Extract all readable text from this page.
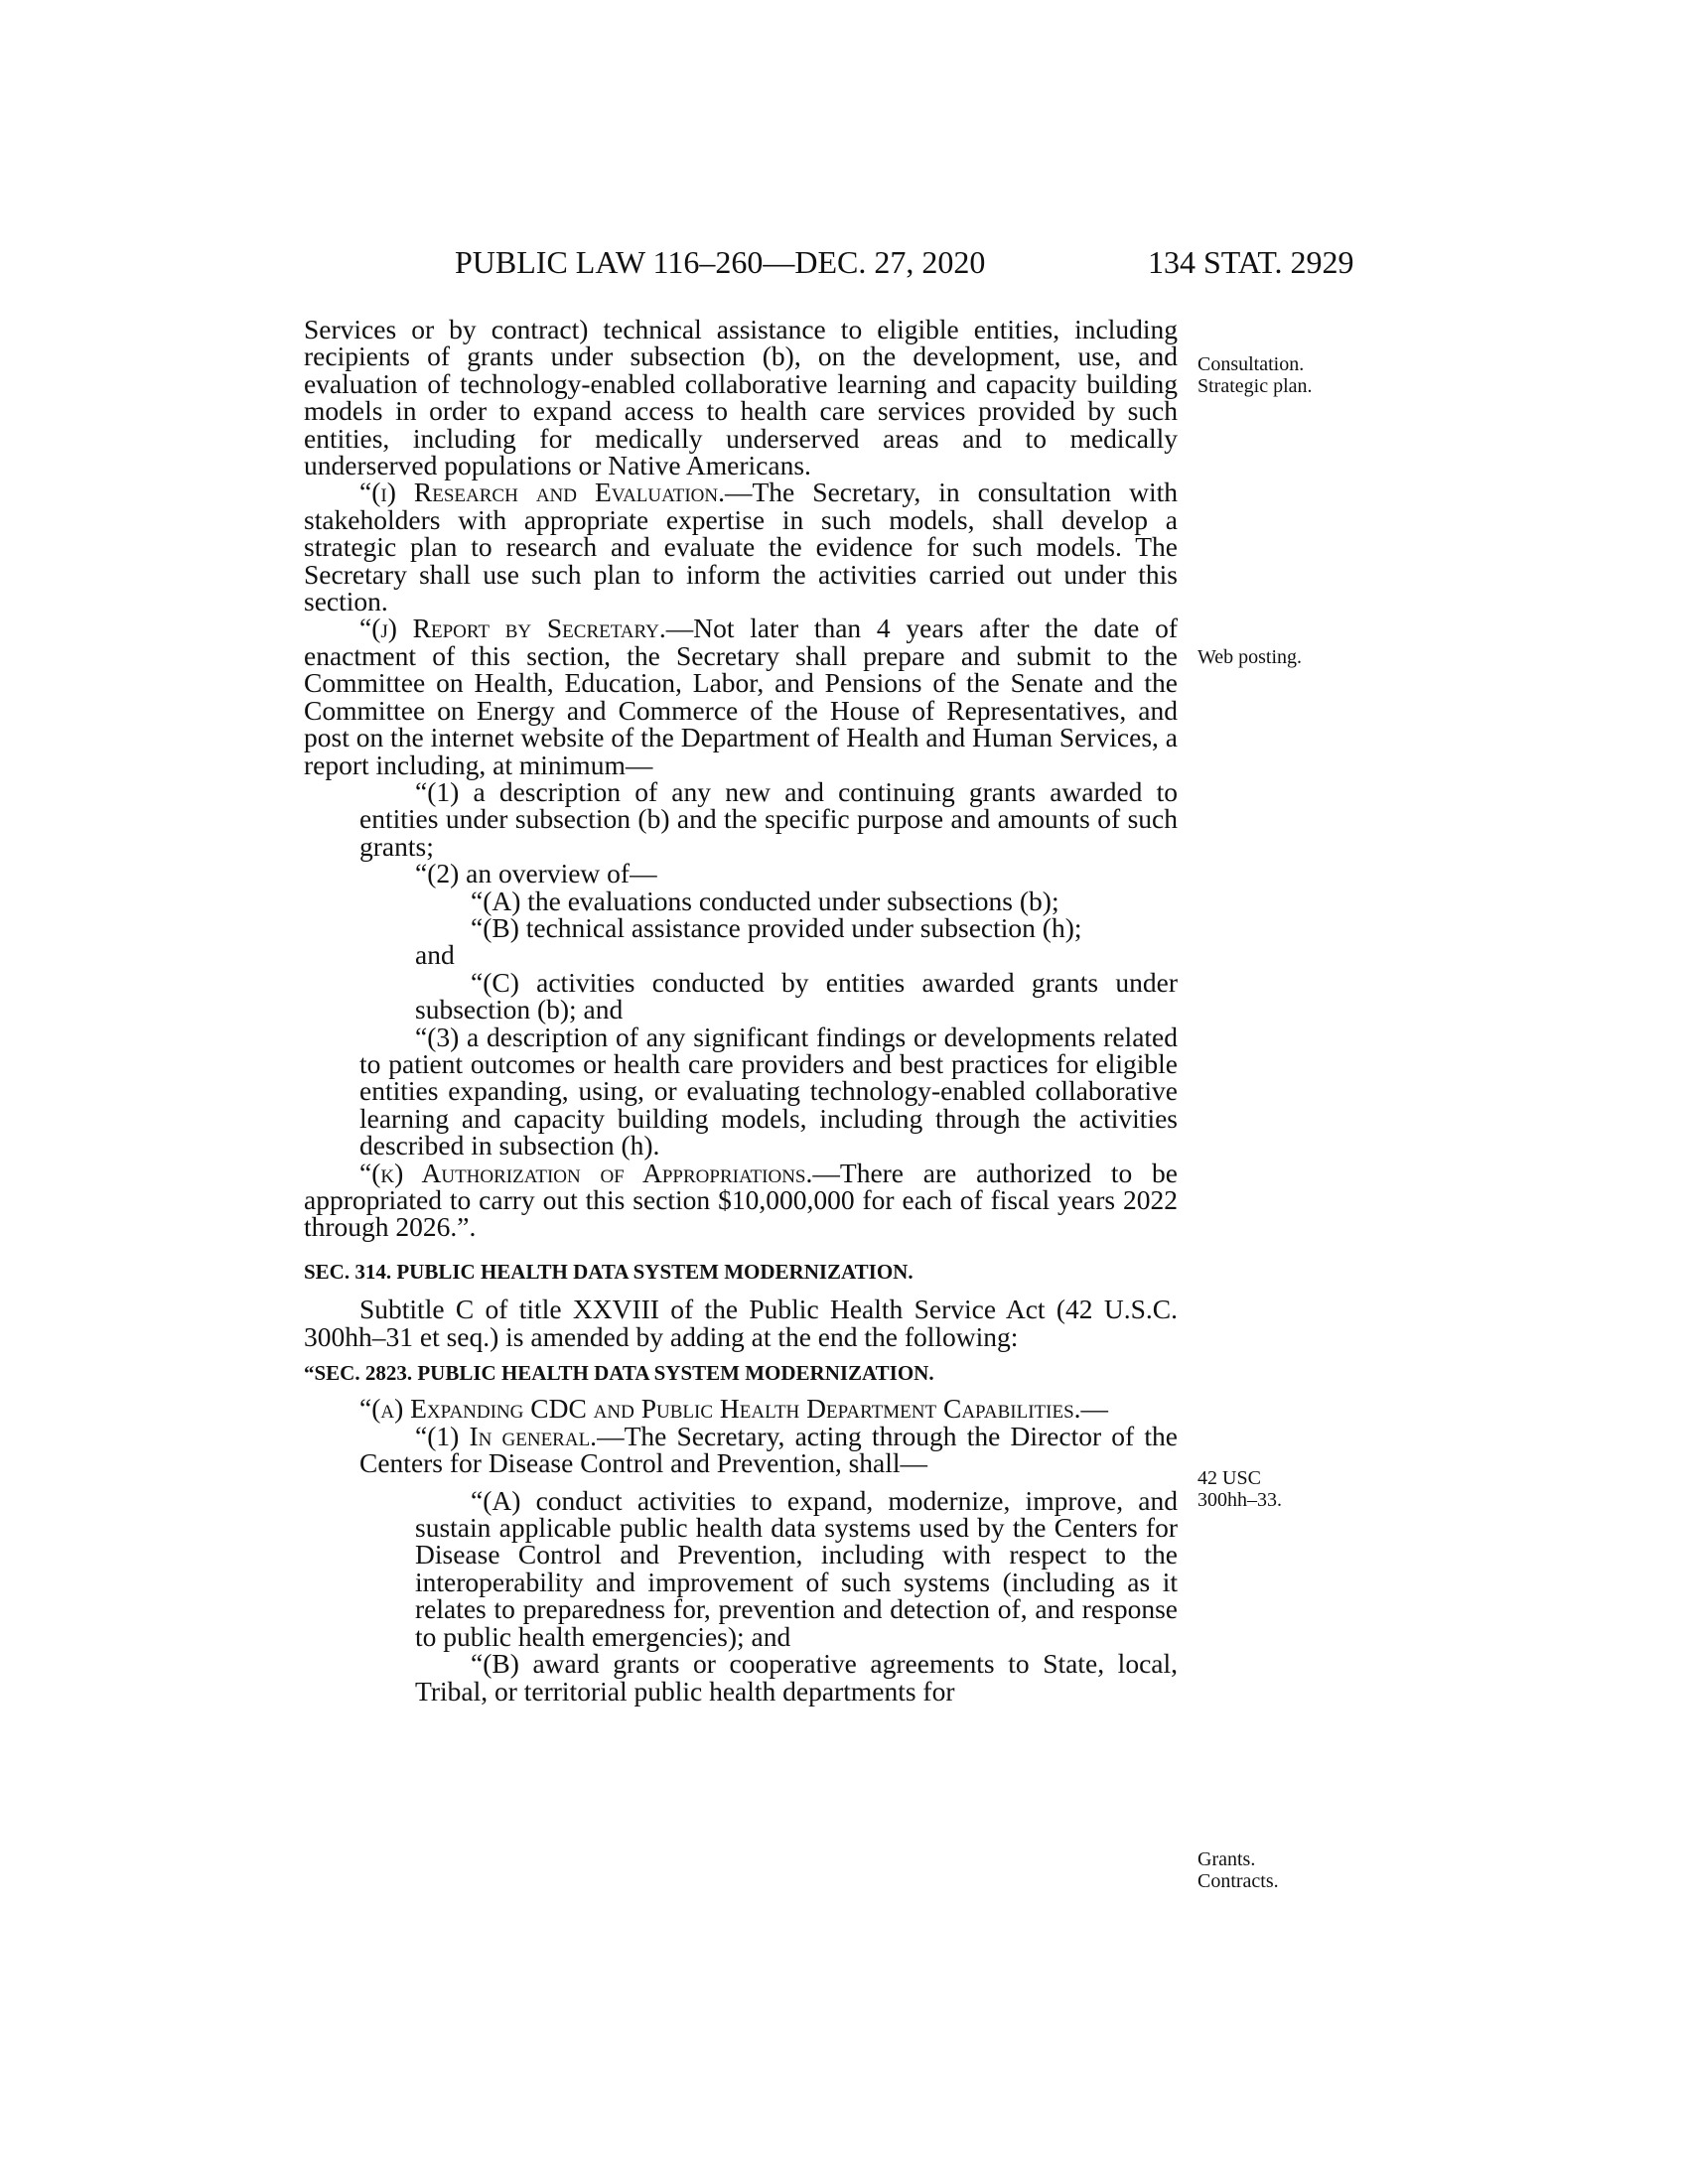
PUBLIC LAW 116–260—DEC. 27, 2020	134 STAT. 2929

Services or by contract) technical assistance to eligible entities, including recipients of grants under subsection (b), on the development, use, and evaluation of technology-enabled collaborative learning and capacity building models in order to expand access to health care services provided by such entities, including for medically underserved areas and to medically underserved populations or Native Americans.

“(i) Research and Evaluation.—The Secretary, in consultation with stakeholders with appropriate expertise in such models, shall develop a strategic plan to research and evaluate the evidence for such models. The Secretary shall use such plan to inform the activities carried out under this section.

“(j) Report by Secretary.—Not later than 4 years after the date of enactment of this section, the Secretary shall prepare and submit to the Committee on Health, Education, Labor, and Pensions of the Senate and the Committee on Energy and Commerce of the House of Representatives, and post on the internet website of the Department of Health and Human Services, a report including, at minimum—

“(1) a description of any new and continuing grants awarded to entities under subsection (b) and the specific purpose and amounts of such grants;

“(2) an overview of—

“(A) the evaluations conducted under subsections (b);

“(B) technical assistance provided under subsection (h);

and

“(C) activities conducted by entities awarded grants under subsection (b); and

“(3) a description of any significant findings or developments related to patient outcomes or health care providers and best practices for eligible entities expanding, using, or evaluating technology-enabled collaborative learning and capacity building models, including through the activities described in subsection (h).

“(k) Authorization of Appropriations.—There are authorized to be appropriated to carry out this section $10,000,000 for each of fiscal years 2022 through 2026.”.

SEC. 314. PUBLIC HEALTH DATA SYSTEM MODERNIZATION.

Subtitle C of title XXVIII of the Public Health Service Act (42 U.S.C. 300hh–31 et seq.) is amended by adding at the end the following:

“SEC. 2823. PUBLIC HEALTH DATA SYSTEM MODERNIZATION.

“(a) Expanding CDC and Public Health Department Capabilities.—

“(1) In general.—The Secretary, acting through the Director of the Centers for Disease Control and Prevention, shall—

“(A) conduct activities to expand, modernize, improve, and sustain applicable public health data systems used by the Centers for Disease Control and Prevention, including with respect to the interoperability and improvement of such systems (including as it relates to preparedness for, prevention and detection of, and response to public health emergencies); and

“(B) award grants or cooperative agreements to State, local, Tribal, or territorial public health departments for

Consultation.
Strategic plan.
Web posting.
42 USC
300hh–33.
Grants.
Contracts.
